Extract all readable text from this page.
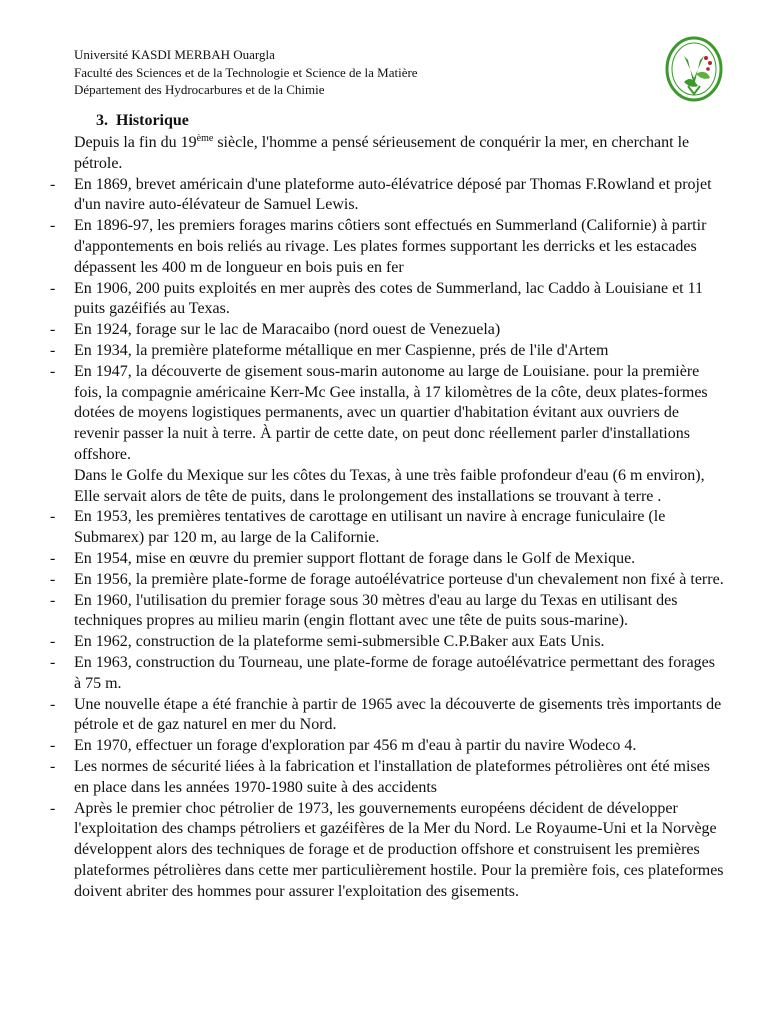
Université KASDI MERBAH Ouargla
Faculté des Sciences et de la Technologie et Science de la Matière
Département des Hydrocarbures et de la Chimie
3. Historique

Depuis la fin du 19ème siècle, l'homme a pensé sérieusement de conquérir la mer, en cherchant le pétrole.

- En 1869, brevet américain d'une plateforme auto-élévatrice déposé par Thomas F.Rowland et projet d'un navire auto-élévateur de Samuel Lewis.
- En 1896-97, les premiers forages marins côtiers sont effectués en Summerland (Californie) à partir d'appontements en bois reliés au rivage. Les plates formes supportant les derricks et les estacades dépassent les 400 m de longueur en bois puis en fer
- En 1906, 200 puits exploités en mer auprès des cotes de Summerland, lac Caddo à Louisiane et 11 puits gazéifiés au Texas.
- En 1924, forage sur le lac de Maracaibo (nord ouest de Venezuela)
- En 1934, la première plateforme métallique en mer Caspienne, prés de l'ile d'Artem
- En 1947, la découverte de gisement sous-marin autonome au large de Louisiane. pour la première fois, la compagnie américaine Kerr-Mc Gee installa, à 17 kilomètres de la côte, deux plates-formes dotées de moyens logistiques permanents, avec un quartier d'habitation évitant aux ouvriers de revenir passer la nuit à terre. À partir de cette date, on peut donc réellement parler d'installations offshore.

Dans le Golfe du Mexique sur les côtes du Texas, à une très faible profondeur d'eau (6 m environ), Elle servait alors de tête de puits, dans le prolongement des installations se trouvant à terre .

- En 1953, les premières tentatives de carottage en utilisant un navire à encrage funiculaire (le Submarex) par 120 m, au large de la Californie.
- En 1954, mise en œuvre du premier support flottant de forage dans le Golf de Mexique.
- En 1956, la première plate-forme de forage autoélévatrice porteuse d'un chevalement non fixé à terre.
- En 1960, l'utilisation du premier forage sous 30 mètres d'eau au large du Texas en utilisant des techniques propres au milieu marin (engin flottant avec une tête de puits sous-marine).
- En 1962, construction de la plateforme semi-submersible C.P.Baker aux Eats Unis.
- En 1963, construction du Tourneau, une plate-forme de forage autoélévatrice permettant des forages à 75 m.
- Une nouvelle étape a été franchie à partir de 1965 avec la découverte de gisements très importants de pétrole et de gaz naturel en mer du Nord.
- En 1970, effectuer un forage d'exploration par 456 m d'eau à partir du navire Wodeco 4.
- Les normes de sécurité liées à la fabrication et l'installation de plateformes pétrolières ont été mises en place dans les années 1970-1980 suite à des accidents
- Après le premier choc pétrolier de 1973, les gouvernements européens décident de développer l'exploitation des champs pétroliers et gazéifères de la Mer du Nord. Le Royaume-Uni et la Norvège développent alors des techniques de forage et de production offshore et construisent les premières plateformes pétrolières dans cette mer particulièrement hostile. Pour la première fois, ces plateformes doivent abriter des hommes pour assurer l'exploitation des gisements.
